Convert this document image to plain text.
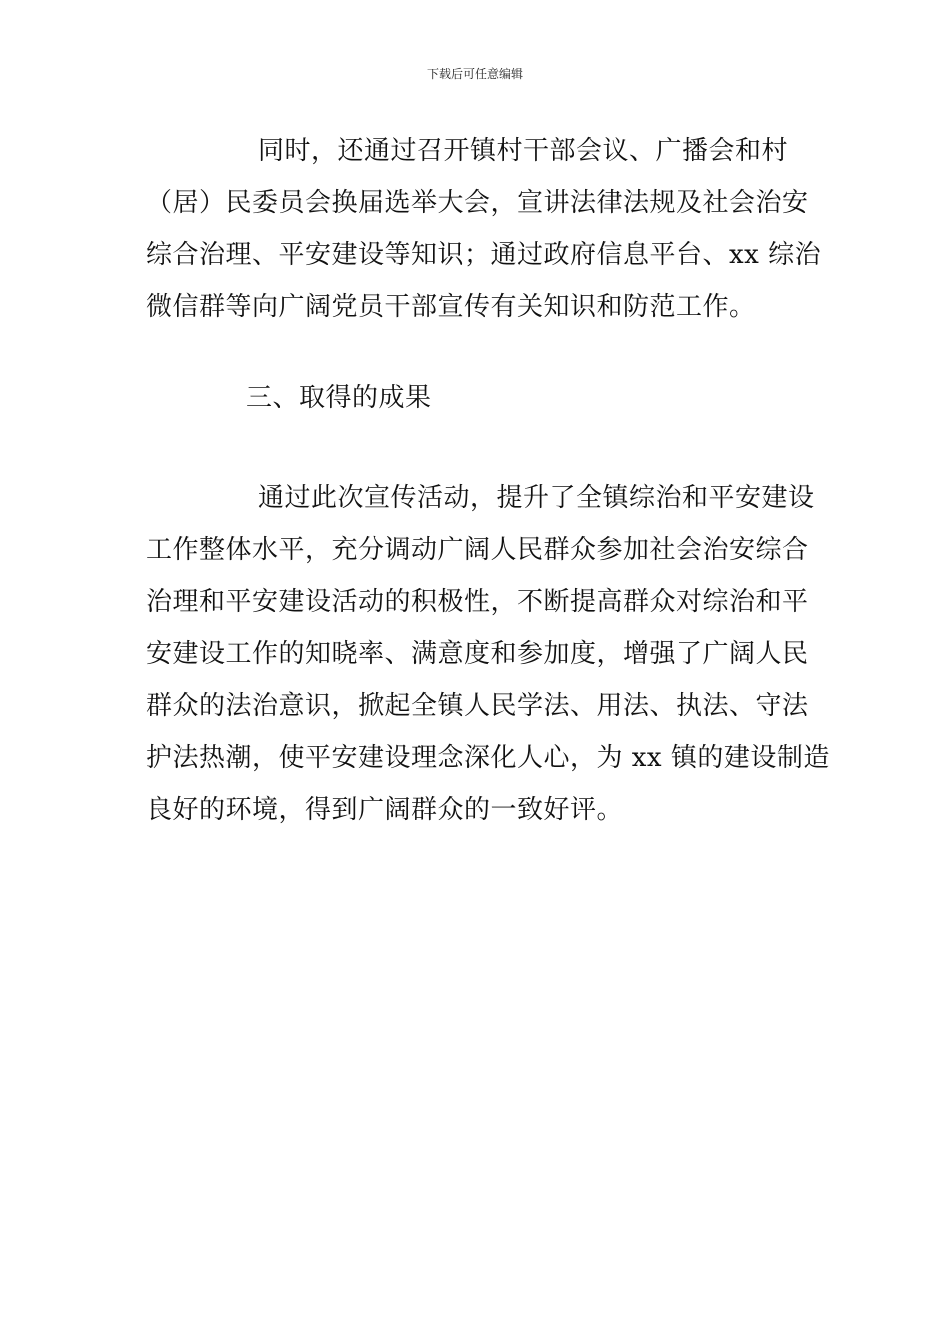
下载后可任意编辑
同时，还通过召开镇村干部会议、广播会和村
（居）民委员会换届选举大会，宣讲法律法规及社会治安
综合治理、平安建设等知识；通过政府信息平台、xx 综治
微信群等向广阔党员干部宣传有关知识和防范工作。
三、取得的成果
通过此次宣传活动，提升了全镇综治和平安建设
工作整体水平，充分调动广阔人民群众参加社会治安综合
治理和平安建设活动的积极性，不断提高群众对综治和平
安建设工作的知晓率、满意度和参加度，增强了广阔人民
群众的法治意识，掀起全镇人民学法、用法、执法、守法
护法热潮，使平安建设理念深化人心，为 xx 镇的建设制造
良好的环境，得到广阔群众的一致好评。
